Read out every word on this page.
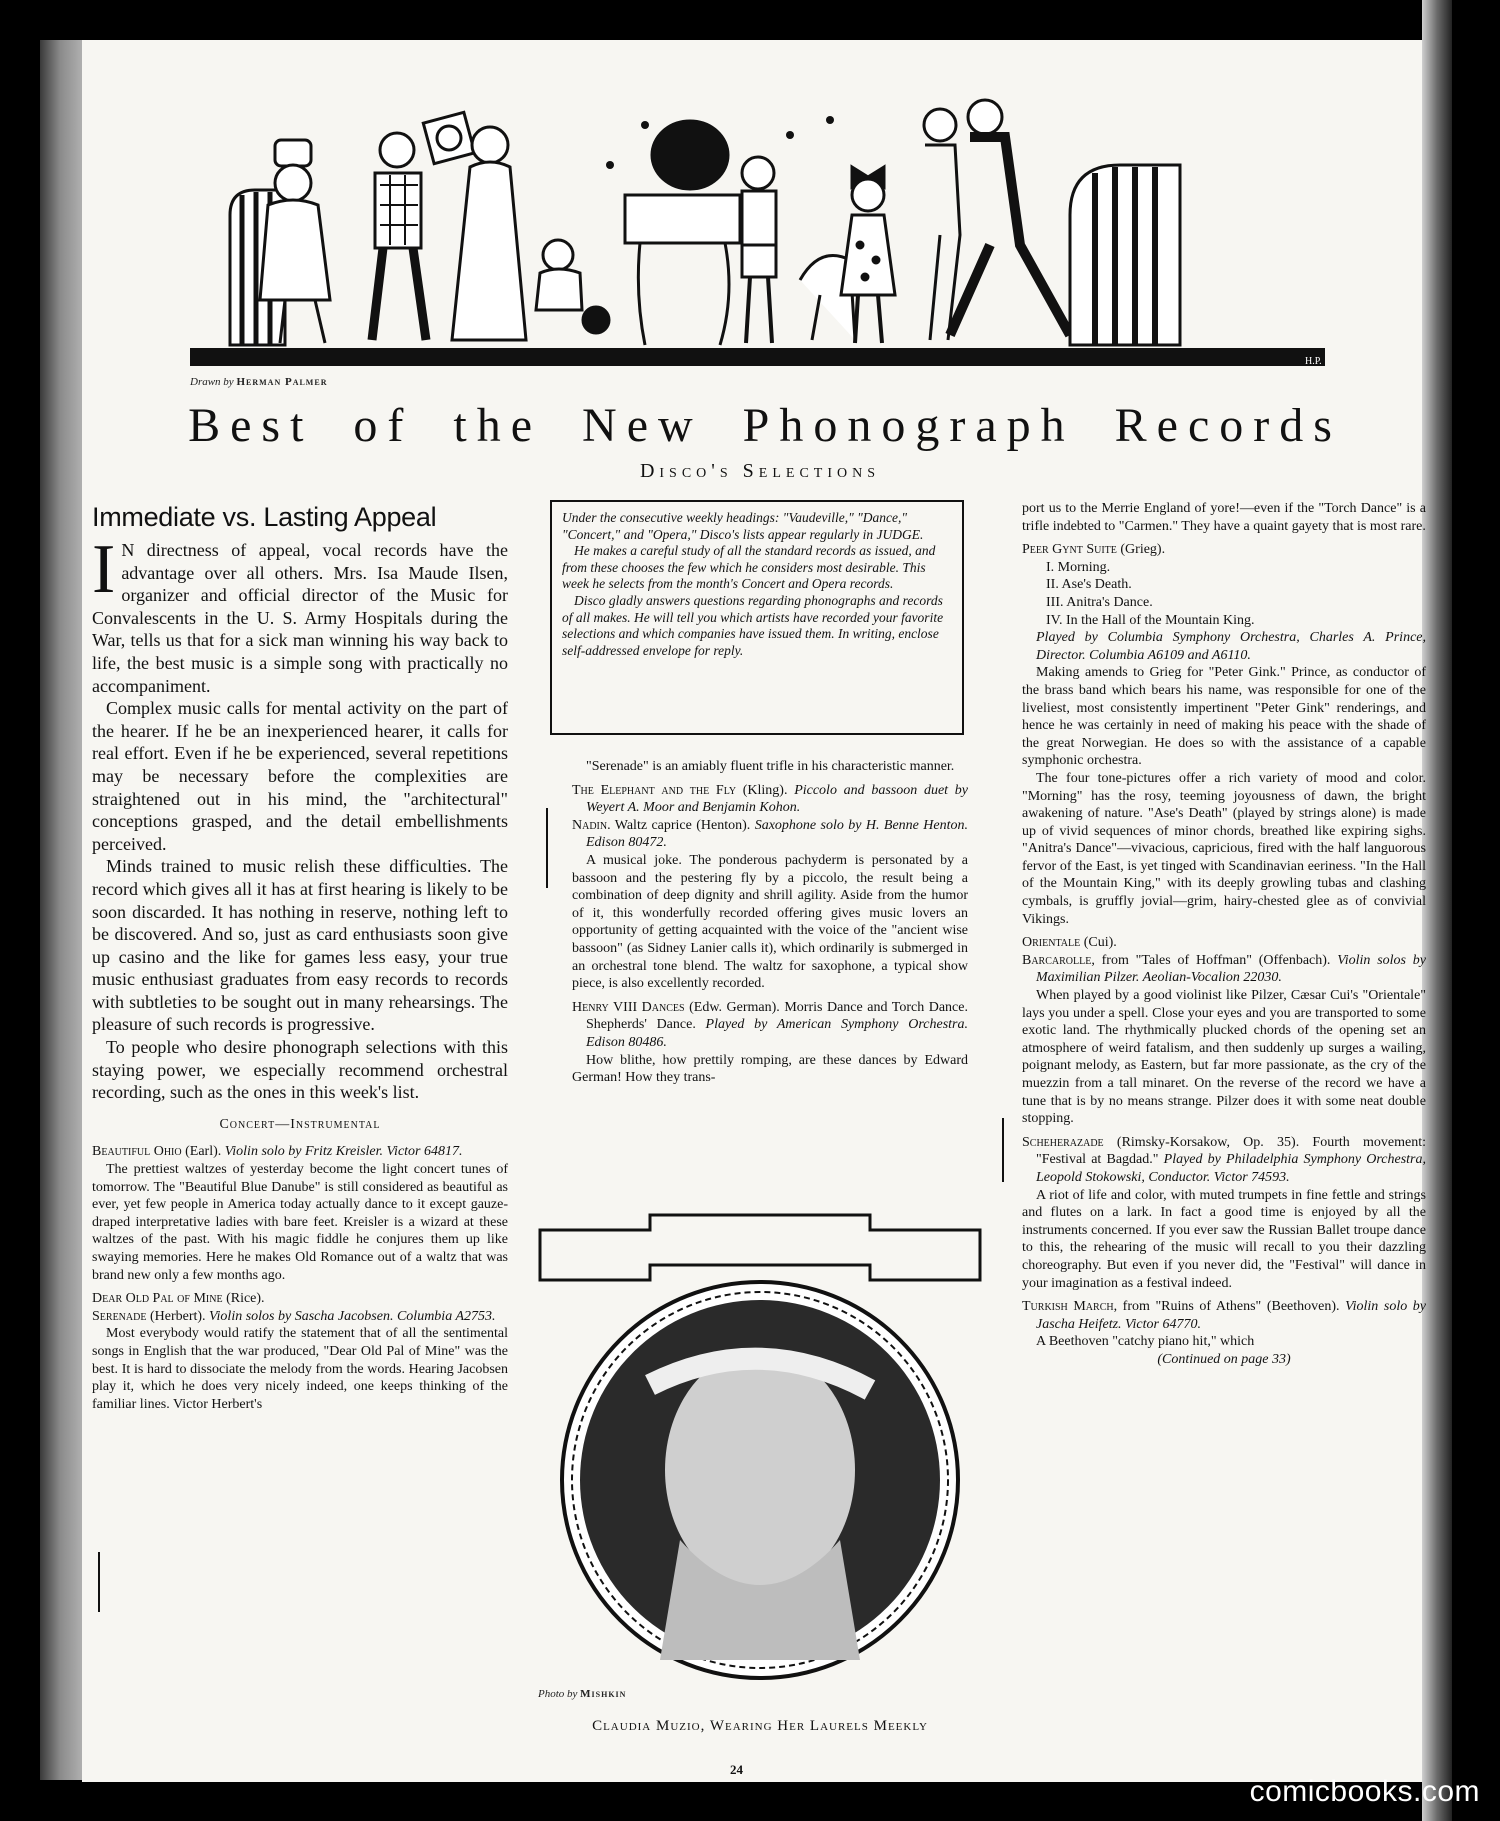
Drawn by Herman Palmer
H.P.
Best of the New Phonograph Records
Disco's Selections
Immediate vs. Lasting Appeal

I N directness of appeal, vocal records have the advantage over all others. Mrs. Isa Maude Ilsen, organizer and official director of the Music for Convalescents in the U. S. Army Hospitals during the War, tells us that for a sick man winning his way back to life, the best music is a simple song with practically no accompaniment.

Complex music calls for mental activity on the part of the hearer. If he be an inexperienced hearer, it calls for real effort. Even if he be experienced, several repetitions may be necessary before the complexities are straightened out in his mind, the "architectural" conceptions grasped, and the detail embellishments perceived.

Minds trained to music relish these difficulties. The record which gives all it has at first hearing is likely to be soon discarded. It has nothing in reserve, nothing left to be discovered. And so, just as card enthusiasts soon give up casino and the like for games less easy, your true music enthusiast graduates from easy records to records with subtleties to be sought out in many rehearsings. The pleasure of such records is progressive.

To people who desire phonograph selections with this staying power, we especially recommend orchestral recording, such as the ones in this week's list.

Concert—Instrumental

Beautiful Ohio (Earl). Violin solo by Fritz Kreisler. Victor 64817.

The prettiest waltzes of yesterday become the light concert tunes of tomorrow. The "Beautiful Blue Danube" is still considered as beautiful as ever, yet few people in America today actually dance to it except gauze-draped interpretative ladies with bare feet. Kreisler is a wizard at these waltzes of the past. With his magic fiddle he conjures them up like swaying memories. Here he makes Old Romance out of a waltz that was brand new only a few months ago.

Dear Old Pal of Mine (Rice).

Serenade (Herbert). Violin solos by Sascha Jacobsen. Columbia A2753.

Most everybody would ratify the statement that of all the sentimental songs in English that the war produced, "Dear Old Pal of Mine" was the best. It is hard to dissociate the melody from the words. Hearing Jacobsen play it, which he does very nicely indeed, one keeps thinking of the familiar lines. Victor Herbert's

Under the consecutive weekly headings: "Vaudeville," "Dance," "Concert," and "Opera," Disco's lists appear regularly in JUDGE.

He makes a careful study of all the standard records as issued, and from these chooses the few which he considers most desirable. This week he selects from the month's Concert and Opera records.

Disco gladly answers questions regarding phonographs and records of all makes. He will tell you which artists have recorded your favorite selections and which companies have issued them. In writing, enclose self-addressed envelope for reply.

"Serenade" is an amiably fluent trifle in his characteristic manner.

The Elephant and the Fly (Kling). Piccolo and bassoon duet by Weyert A. Moor and Benjamin Kohon.

Nadin. Waltz caprice (Henton). Saxophone solo by H. Benne Henton. Edison 80472.

A musical joke. The ponderous pachyderm is personated by a bassoon and the pestering fly by a piccolo, the result being a combination of deep dignity and shrill agility. Aside from the humor of it, this wonderfully recorded offering gives music lovers an opportunity of getting acquainted with the voice of the "ancient wise bassoon" (as Sidney Lanier calls it), which ordinarily is submerged in an orchestral tone blend. The waltz for saxophone, a typical show piece, is also excellently recorded.

Henry VIII Dances (Edw. German). Morris Dance and Torch Dance. Shepherds' Dance. Played by American Symphony Orchestra. Edison 80486.

How blithe, how prettily romping, are these dances by Edward German! How they trans-

Photo by Mishkin
Claudia Muzio, Wearing Her Laurels Meekly

port us to the Merrie England of yore!—even if the "Torch Dance" is a trifle indebted to "Carmen." They have a quaint gayety that is most rare.

Peer Gynt Suite (Grieg).

I. Morning.
II. Ase's Death.
III. Anitra's Dance.
IV. In the Hall of the Mountain King.

Played by Columbia Symphony Orchestra, Charles A. Prince, Director. Columbia A6109 and A6110.

Making amends to Grieg for "Peter Gink." Prince, as conductor of the brass band which bears his name, was responsible for one of the liveliest, most consistently impertinent "Peter Gink" renderings, and hence he was certainly in need of making his peace with the shade of the great Norwegian. He does so with the assistance of a capable symphonic orchestra.

The four tone-pictures offer a rich variety of mood and color. "Morning" has the rosy, teeming joyousness of dawn, the bright awakening of nature. "Ase's Death" (played by strings alone) is made up of vivid sequences of minor chords, breathed like expiring sighs. "Anitra's Dance"—vivacious, capricious, fired with the half languorous fervor of the East, is yet tinged with Scandinavian eeriness. "In the Hall of the Mountain King," with its deeply growling tubas and clashing cymbals, is gruffly jovial—grim, hairy-chested glee as of convivial Vikings.

Orientale (Cui).

Barcarolle, from "Tales of Hoffman" (Offenbach). Violin solos by Maximilian Pilzer. Aeolian-Vocalion 22030.

When played by a good violinist like Pilzer, Cæsar Cui's "Orientale" lays you under a spell. Close your eyes and you are transported to some exotic land. The rhythmically plucked chords of the opening set an atmosphere of weird fatalism, and then suddenly up surges a wailing, poignant melody, as Eastern, but far more passionate, as the cry of the muezzin from a tall minaret. On the reverse of the record we have a tune that is by no means strange. Pilzer does it with some neat double stopping.

Scheherazade (Rimsky-Korsakow, Op. 35). Fourth movement: "Festival at Bagdad." Played by Philadelphia Symphony Orchestra, Leopold Stokowski, Conductor. Victor 74593.

A riot of life and color, with muted trumpets in fine fettle and strings and flutes on a lark. In fact a good time is enjoyed by all the instruments concerned. If you ever saw the Russian Ballet troupe dance to this, the rehearing of the music will recall to you their dazzling choreography. But even if you never did, the "Festival" will dance in your imagination as a festival indeed.

Turkish March, from "Ruins of Athens" (Beethoven). Violin solo by Jascha Heifetz. Victor 64770.

A Beethoven "catchy piano hit," which

(Continued on page 33)

24
comicbooks.com
